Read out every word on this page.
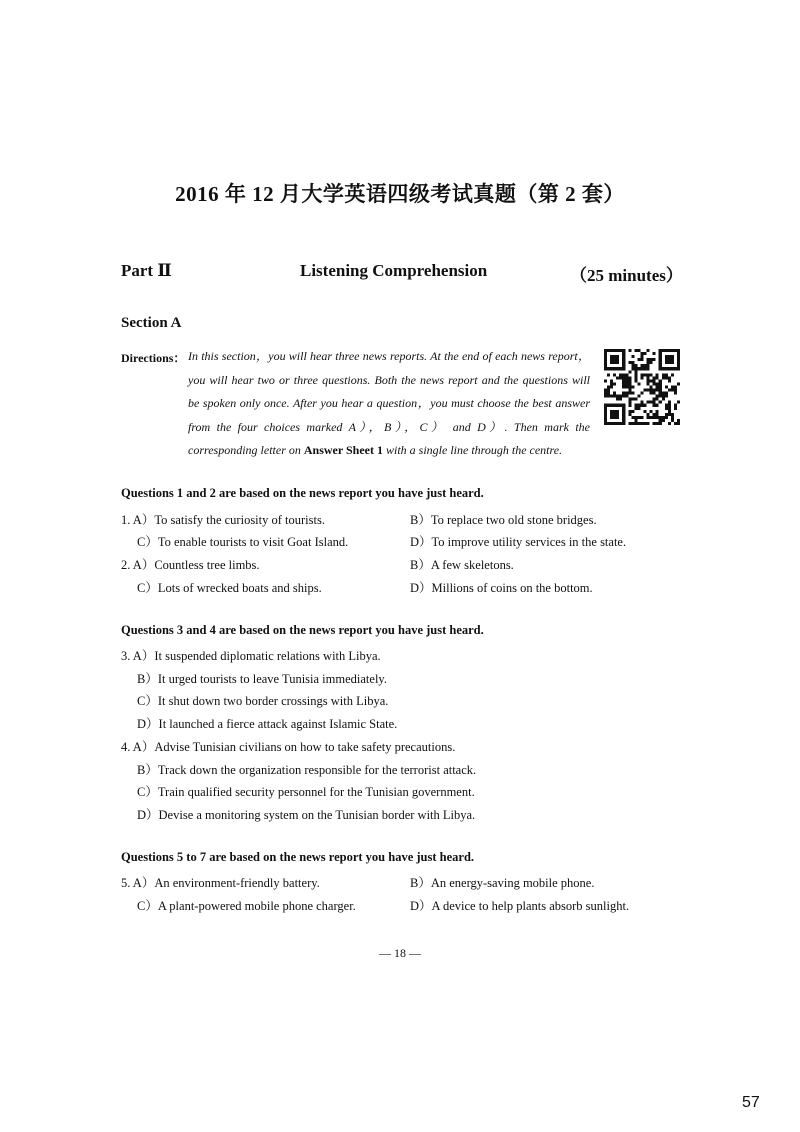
2016 年 12 月大学英语四级考试真题（第 2 套）
Part Ⅱ	Listening Comprehension	（25 minutes）
Section A
Directions： In this section，you will hear three news reports. At the end of each news report，
you will hear two or three questions. Both the news report and the questions will
be spoken only once. After you hear a question，you must choose the best answer
from the four choices marked A），B），C） and D）. Then mark the
corresponding letter on Answer Sheet 1 with a single line through the centre.
Questions 1 and 2 are based on the news report you have just heard.
1. A）To satisfy the curiosity of tourists.	B）To replace two old stone bridges.
C）To enable tourists to visit Goat Island.	D）To improve utility services in the state.
2. A）Countless tree limbs.	B）A few skeletons.
C）Lots of wrecked boats and ships.	D）Millions of coins on the bottom.
Questions 3 and 4 are based on the news report you have just heard.
3. A）It suspended diplomatic relations with Libya.
B）It urged tourists to leave Tunisia immediately.
C）It shut down two border crossings with Libya.
D）It launched a fierce attack against Islamic State.
4. A）Advise Tunisian civilians on how to take safety precautions.
B）Track down the organization responsible for the terrorist attack.
C）Train qualified security personnel for the Tunisian government.
D）Devise a monitoring system on the Tunisian border with Libya.
Questions 5 to 7 are based on the news report you have just heard.
5. A）An environment-friendly battery.	B）An energy-saving mobile phone.
C）A plant-powered mobile phone charger.	D）A device to help plants absorb sunlight.
— 18 —
57
